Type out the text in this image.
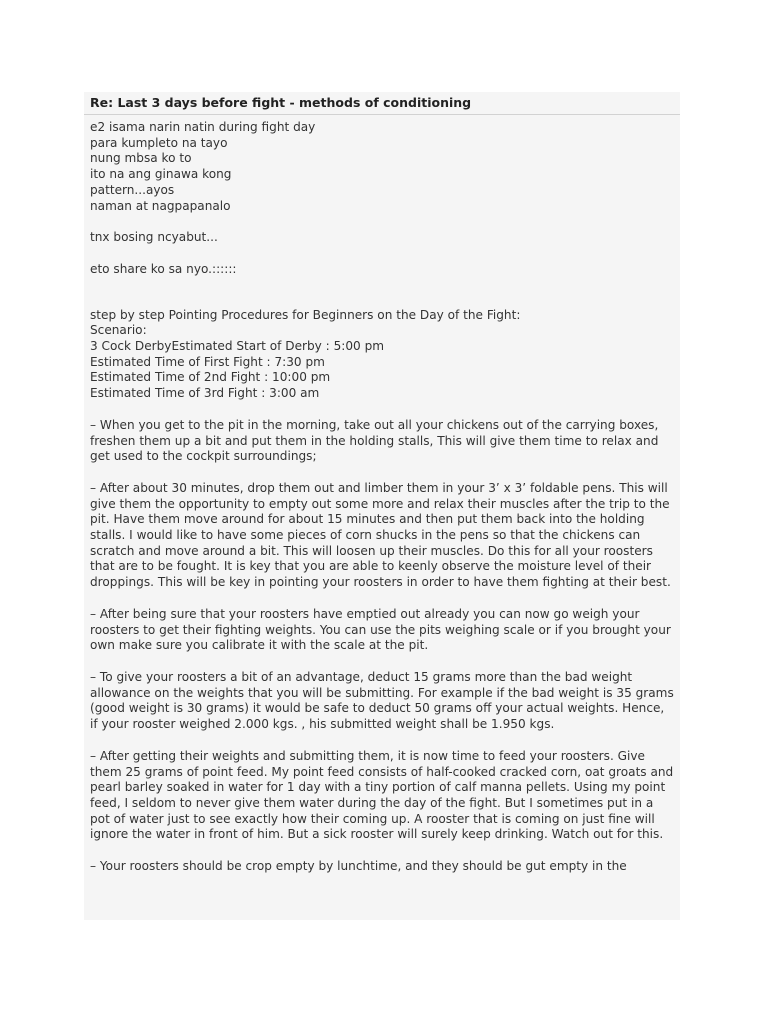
Re: Last 3 days before fight - methods of conditioning
e2 isama narin natin during fight day
para kumpleto na tayo
nung mbsa ko to
ito na ang ginawa kong
pattern...ayos
naman at nagpapanalo
tnx bosing ncyabut...
eto share ko sa nyo.::::::
step by step Pointing Procedures for Beginners on the Day of the Fight:
Scenario:
3 Cock DerbyEstimated Start of Derby : 5:00 pm
Estimated Time of First Fight : 7:30 pm
Estimated Time of 2nd Fight : 10:00 pm
Estimated Time of 3rd Fight : 3:00 am

– When you get to the pit in the morning, take out all your chickens out of the carrying boxes, freshen them up a bit and put them in the holding stalls, This will give them time to relax and get used to the cockpit surroundings;

– After about 30 minutes, drop them out and limber them in your 3’ x 3’ foldable pens. This will give them the opportunity to empty out some more and relax their muscles after the trip to the pit. Have them move around for about 15 minutes and then put them back into the holding stalls. I would like to have some pieces of corn shucks in the pens so that the chickens can scratch and move around a bit. This will loosen up their muscles. Do this for all your roosters that are to be fought. It is key that you are able to keenly observe the moisture level of their droppings. This will be key in pointing your roosters in order to have them fighting at their best.

– After being sure that your roosters have emptied out already you can now go weigh your roosters to get their fighting weights. You can use the pits weighing scale or if you brought your own make sure you calibrate it with the scale at the pit.

– To give your roosters a bit of an advantage, deduct 15 grams more than the bad weight allowance on the weights that you will be submitting. For example if the bad weight is 35 grams (good weight is 30 grams) it would be safe to deduct 50 grams off your actual weights. Hence, if your rooster weighed 2.000 kgs. , his submitted weight shall be 1.950 kgs.

– After getting their weights and submitting them, it is now time to feed your roosters. Give them 25 grams of point feed. My point feed consists of half-cooked cracked corn, oat groats and pearl barley soaked in water for 1 day with a tiny portion of calf manna pellets. Using my point feed, I seldom to never give them water during the day of the fight. But I sometimes put in a pot of water just to see exactly how their coming up. A rooster that is coming on just fine will ignore the water in front of him. But a sick rooster will surely keep drinking. Watch out for this.

– Your roosters should be crop empty by lunchtime, and they should be gut empty in the
